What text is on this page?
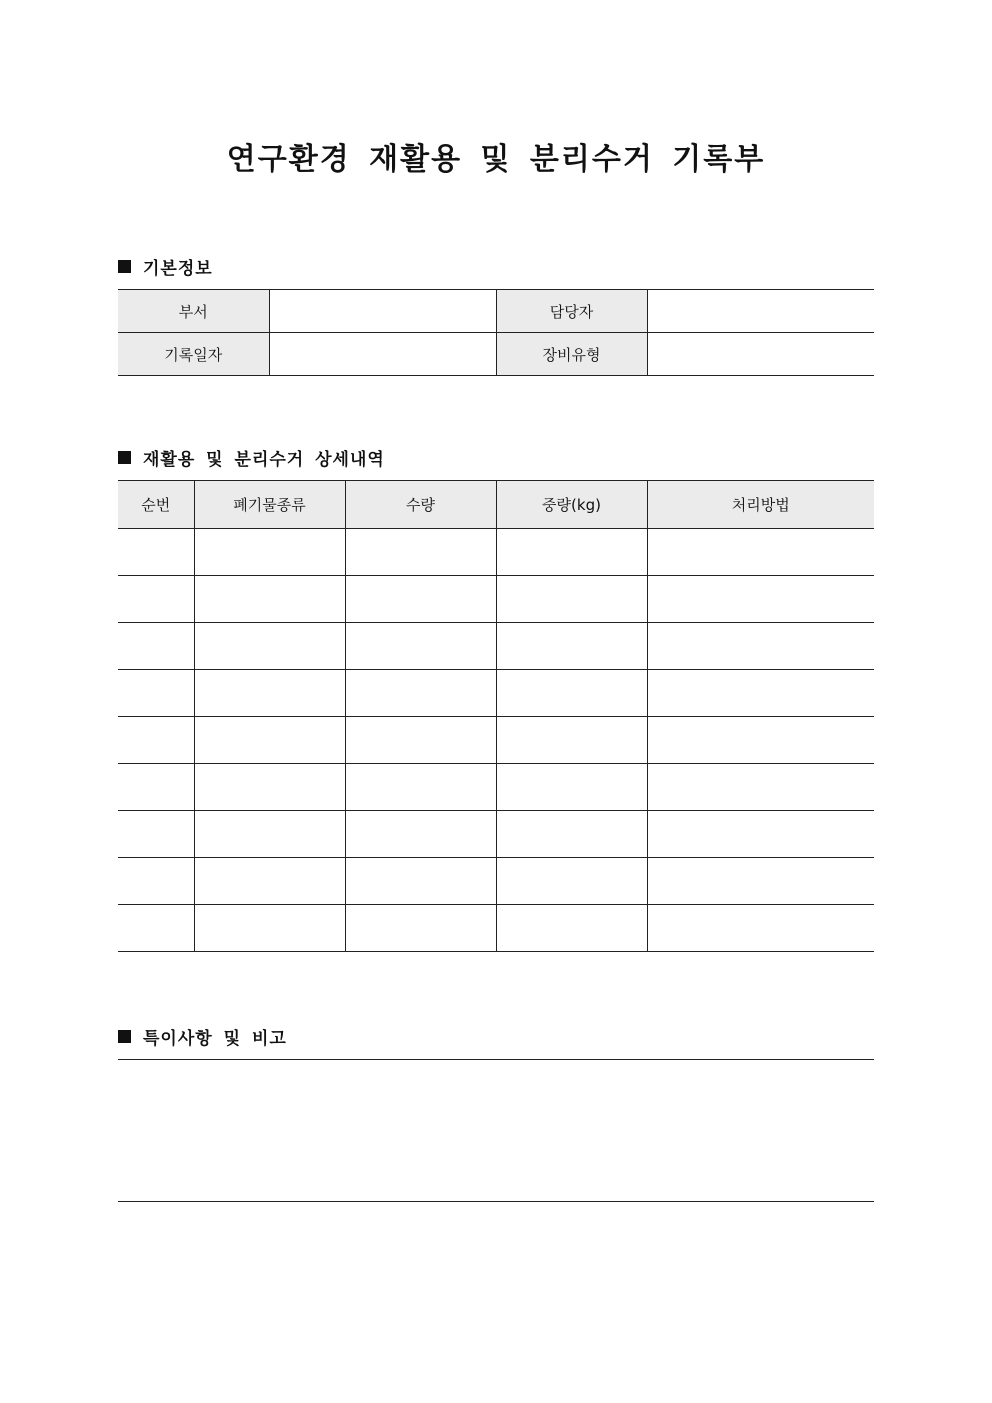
연구환경 재활용 및 분리수거 기록부
기본정보
부서		담당자	
기록일자		장비유형	
재활용 및 분리수거 상세내역
순번	폐기물종류	수량	중량(kg)	처리방법

특이사항 및 비고
